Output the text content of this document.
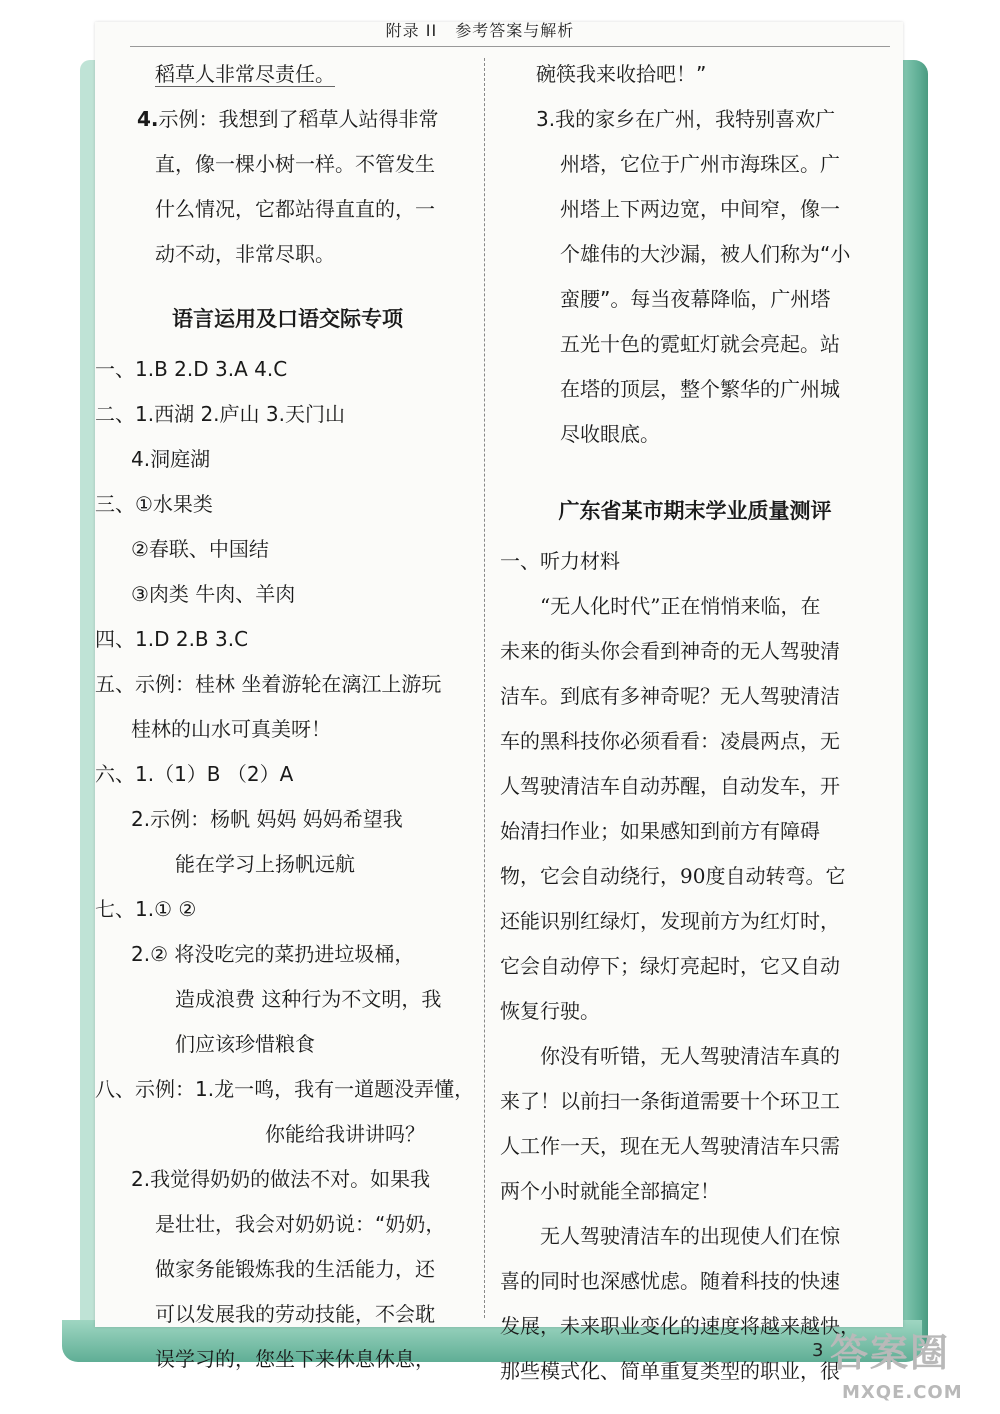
附录 II 参考答案与解析
稻草人非常尽责任。
4.示例：我想到了稻草人站得非常
直，像一棵小树一样。不管发生
什么情况，它都站得直直的，一
动不动，非常尽职。
语言运用及口语交际专项
一、1.B 2.D 3.A 4.C
二、1.西湖 2.庐山 3.天门山
4.洞庭湖
三、①水果类
②春联、中国结
③肉类 牛肉、羊肉
四、1.D 2.B 3.C
五、示例：桂林 坐着游轮在漓江上游玩
桂林的山水可真美呀！
六、1.（1）B （2）A
2.示例：杨帆 妈妈 妈妈希望我
能在学习上扬帆远航
七、1.① ②
2.② 将没吃完的菜扔进垃圾桶，
造成浪费 这种行为不文明，我
们应该珍惜粮食
八、示例：1.龙一鸣，我有一道题没弄懂，
你能给我讲讲吗？
2.我觉得奶奶的做法不对。如果我
是壮壮，我会对奶奶说：“奶奶，
做家务能锻炼我的生活能力，还
可以发展我的劳动技能，不会耽
误学习的，您坐下来休息休息，
碗筷我来收拾吧！”
3.我的家乡在广州，我特别喜欢广
州塔，它位于广州市海珠区。广
州塔上下两边宽，中间窄，像一
个雄伟的大沙漏，被人们称为“小
蛮腰”。每当夜幕降临，广州塔
五光十色的霓虹灯就会亮起。站
在塔的顶层，整个繁华的广州城
尽收眼底。
广东省某市期末学业质量测评
一、听力材料
“无人化时代”正在悄悄来临，在
未来的街头你会看到神奇的无人驾驶清
洁车。到底有多神奇呢？无人驾驶清洁
车的黑科技你必须看看：凌晨两点，无
人驾驶清洁车自动苏醒，自动发车，开
始清扫作业；如果感知到前方有障碍
物，它会自动绕行，90度自动转弯。它
还能识别红绿灯，发现前方为红灯时，
它会自动停下；绿灯亮起时，它又自动
恢复行驶。
你没有听错，无人驾驶清洁车真的
来了！以前扫一条街道需要十个环卫工
人工作一天，现在无人驾驶清洁车只需
两个小时就能全部搞定！
无人驾驶清洁车的出现使人们在惊
喜的同时也深感忧虑。随着科技的快速
发展，未来职业变化的速度将越来越快，
那些模式化、简单重复类型的职业，很
3 答案圈
MXQE.COM
